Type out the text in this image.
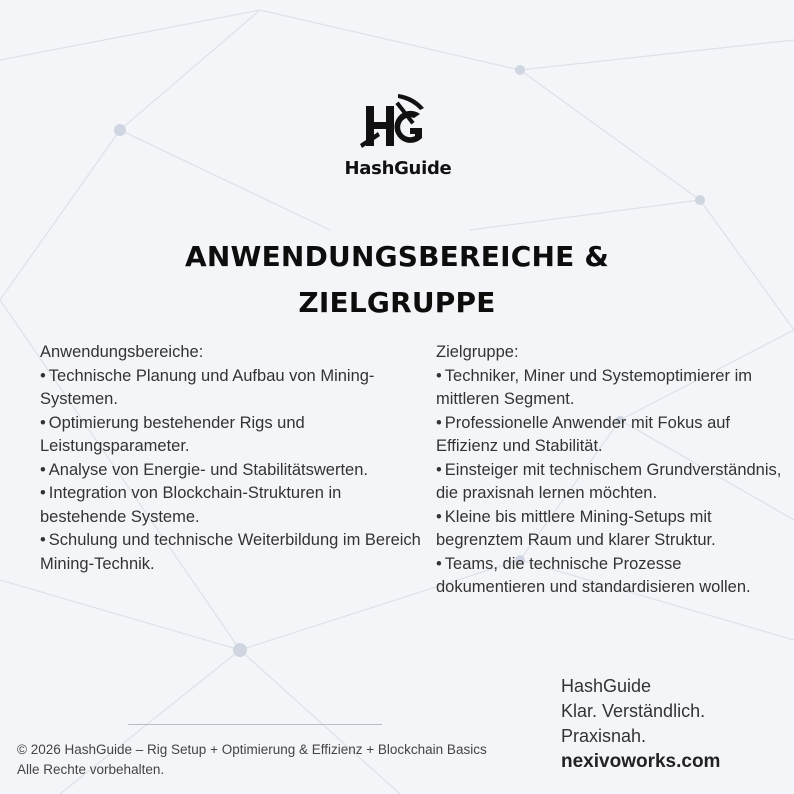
HashGuide
ANWENDUNGSBEREICHE &
ZIELGRUPPE
Anwendungsbereiche:
• Technische Planung und Aufbau von Mining-Systemen.
• Optimierung bestehender Rigs und Leistungsparameter.
• Analyse von Energie- und Stabilitätswerten.
• Integration von Blockchain-Strukturen in bestehende Systeme.
• Schulung und technische Weiterbildung im Bereich Mining-Technik.
Zielgruppe:
• Techniker, Miner und Systemoptimierer im mittleren Segment.
• Professionelle Anwender mit Fokus auf Effizienz und Stabilität.
• Einsteiger mit technischem Grundverständnis, die praxisnah lernen möchten.
• Kleine bis mittlere Mining-Setups mit begrenztem Raum und klarer Struktur.
• Teams, die technische Prozesse dokumentieren und standardisieren wollen.
HashGuide
Klar. Verständlich.
Praxisnah.
nexivoworks.com
© 2026 HashGuide – Rig Setup + Optimierung & Effizienz + Blockchain Basics
Alle Rechte vorbehalten.
